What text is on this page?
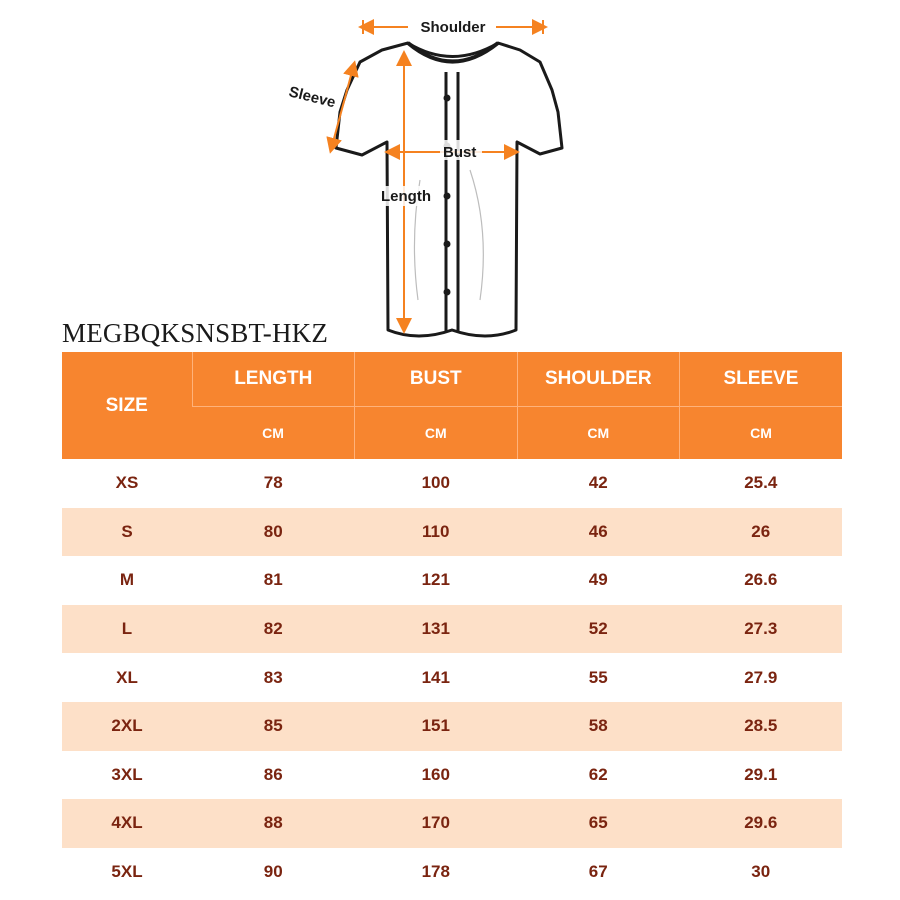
Shoulder
Sleeve
Bust
Length
MEGBQKSNSBT-HKZ
SIZE	LENGTH	BUST	SHOULDER	SLEEVE
	CM	CM	CM	CM
XS	78	100	42	25.4
S	80	110	46	26
M	81	121	49	26.6
L	82	131	52	27.3
XL	83	141	55	27.9
2XL	85	151	58	28.5
3XL	86	160	62	29.1
4XL	88	170	65	29.6
5XL	90	178	67	30
